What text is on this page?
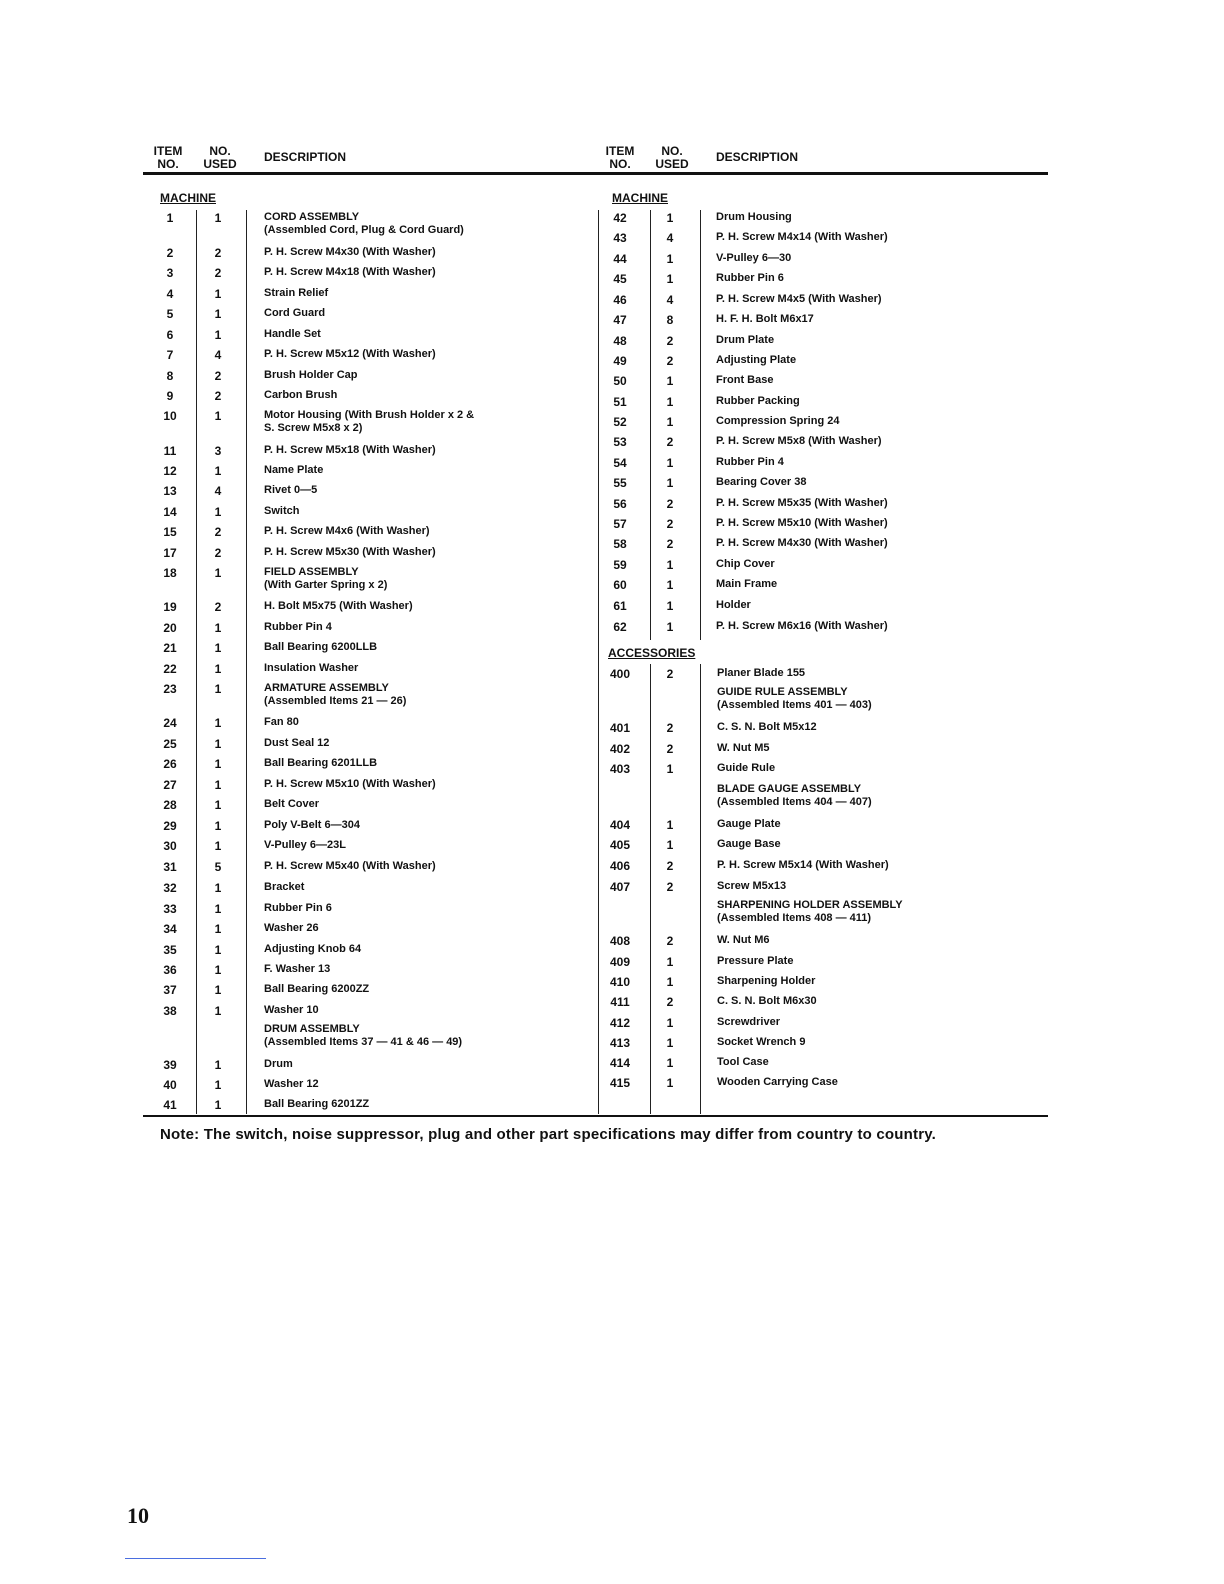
ITEM
NO.
NO.
USED	DESCRIPTION	ITEM
NO.
NO.
USED	DESCRIPTION
MACHINE	MACHINE
ACCESSORIES
1	1	CORD ASSEMBLY
(Assembled Cord, Plug & Cord Guard)
2	2	P. H. Screw M4x30 (With Washer)
3	2	P. H. Screw M4x18 (With Washer)
4	1	Strain Relief
5	1	Cord Guard
6	1	Handle Set
7	4	P. H. Screw M5x12 (With Washer)
8	2	Brush Holder Cap
9	2	Carbon Brush
10	1	Motor Housing (With Brush Holder x 2 &
S. Screw M5x8 x 2)
11	3	P. H. Screw M5x18 (With Washer)
12	1	Name Plate
13	4	Rivet 0—5
14	1	Switch
15	2	P. H. Screw M4x6 (With Washer)
17	2	P. H. Screw M5x30 (With Washer)
18	1	FIELD ASSEMBLY
(With Garter Spring x 2)
19	2	H. Bolt M5x75 (With Washer)
20	1	Rubber Pin 4
21	1	Ball Bearing 6200LLB
22	1	Insulation Washer
23	1	ARMATURE ASSEMBLY
(Assembled Items 21 — 26)
24	1	Fan 80
25	1	Dust Seal 12
26	1	Ball Bearing 6201LLB
27	1	P. H. Screw M5x10 (With Washer)
28	1	Belt Cover
29	1	Poly V-Belt 6—304
30	1	V-Pulley 6—23L
31	5	P. H. Screw M5x40 (With Washer)
32	1	Bracket
33	1	Rubber Pin 6
34	1	Washer 26
35	1	Adjusting Knob 64
36	1	F. Washer 13
37	1	Ball Bearing 6200ZZ
38	1	Washer 10
DRUM ASSEMBLY
(Assembled Items 37 — 41 & 46 — 49)
39	1	Drum
40	1	Washer 12
41	1	Ball Bearing 6201ZZ
42	1	Drum Housing
43	4	P. H. Screw M4x14 (With Washer)
44	1	V-Pulley 6—30
45	1	Rubber Pin 6
46	4	P. H. Screw M4x5 (With Washer)
47	8	H. F. H. Bolt M6x17
48	2	Drum Plate
49	2	Adjusting Plate
50	1	Front Base
51	1	Rubber Packing
52	1	Compression Spring 24
53	2	P. H. Screw M5x8 (With Washer)
54	1	Rubber Pin 4
55	1	Bearing Cover 38
56	2	P. H. Screw M5x35 (With Washer)
57	2	P. H. Screw M5x10 (With Washer)
58	2	P. H. Screw M4x30 (With Washer)
59	1	Chip Cover
60	1	Main Frame
61	1	Holder
62	1	P. H. Screw M6x16 (With Washer)
400	2	Planer Blade 155
GUIDE RULE ASSEMBLY
(Assembled Items 401 — 403)
401	2	C. S. N. Bolt M5x12
402	2	W. Nut M5
403	1	Guide Rule
BLADE GAUGE ASSEMBLY
(Assembled Items 404 — 407)
404	1	Gauge Plate
405	1	Gauge Base
406	2	P. H. Screw M5x14 (With Washer)
407	2	Screw M5x13
SHARPENING HOLDER ASSEMBLY
(Assembled Items 408 — 411)
408	2	W. Nut M6
409	1	Pressure Plate
410	1	Sharpening Holder
411	2	C. S. N. Bolt M6x30
412	1	Screwdriver
413	1	Socket Wrench 9
414	1	Tool Case
415	1	Wooden Carrying Case
Note: The switch, noise suppressor, plug and other part specifications may differ from country to country.
10
